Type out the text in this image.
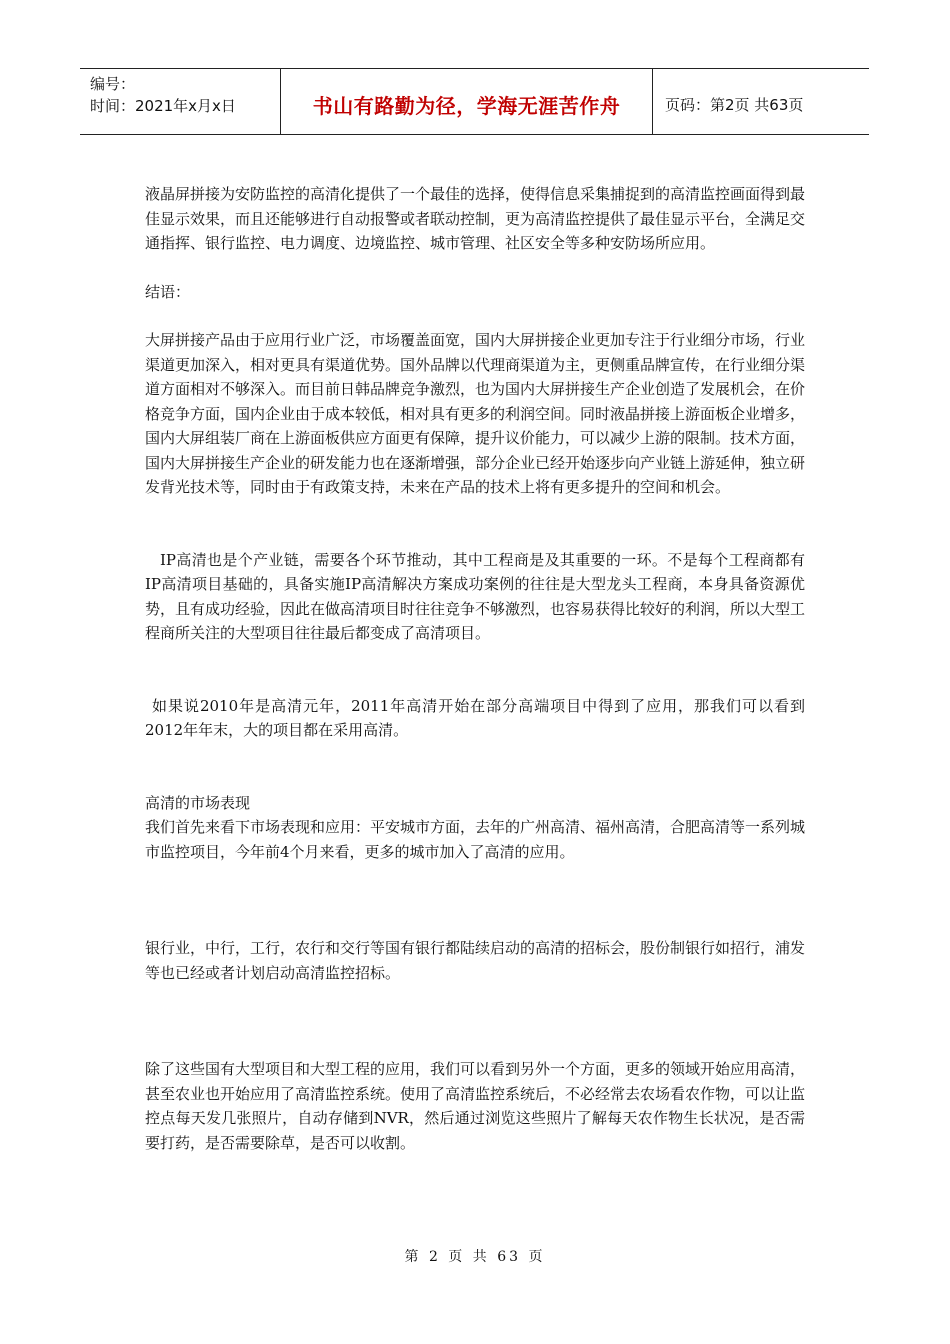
编号：
时间：2021年x月x日	书山有路勤为径，学海无涯苦作舟	页码：第2页 共63页

液晶屏拼接为安防监控的高清化提供了一个最佳的选择，使得信息采集捕捉到的高清监控画面得到最佳显示效果，而且还能够进行自动报警或者联动控制，更为高清监控提供了最佳显示平台，全满足交通指挥、银行监控、电力调度、边境监控、城市管理、社区安全等多种安防场所应用。

结语：

大屏拼接产品由于应用行业广泛，市场覆盖面宽，国内大屏拼接企业更加专注于行业细分市场，行业渠道更加深入，相对更具有渠道优势。国外品牌以代理商渠道为主，更侧重品牌宣传，在行业细分渠道方面相对不够深入。而目前日韩品牌竞争激烈，也为国内大屏拼接生产企业创造了发展机会，在价格竞争方面，国内企业由于成本较低，相对具有更多的利润空间。同时液晶拼接上游面板企业增多，国内大屏组装厂商在上游面板供应方面更有保障，提升议价能力，可以减少上游的限制。技术方面，国内大屏拼接生产企业的研发能力也在逐渐增强，部分企业已经开始逐步向产业链上游延伸，独立研发背光技术等，同时由于有政策支持，未来在产品的技术上将有更多提升的空间和机会。

IP高清也是个产业链，需要各个环节推动，其中工程商是及其重要的一环。不是每个工程商都有IP高清项目基础的，具备实施IP高清解决方案成功案例的往往是大型龙头工程商，本身具备资源优势，且有成功经验，因此在做高清项目时往往竞争不够激烈，也容易获得比较好的利润，所以大型工程商所关注的大型项目往往最后都变成了高清项目。

如果说2010年是高清元年，2011年高清开始在部分高端项目中得到了应用，那我们可以看到2012年年末，大的项目都在采用高清。

高清的市场表现

我们首先来看下市场表现和应用：平安城市方面，去年的广州高清、福州高清，合肥高清等一系列城市监控项目，今年前4个月来看，更多的城市加入了高清的应用。

银行业，中行，工行，农行和交行等国有银行都陆续启动的高清的招标会，股份制银行如招行，浦发等也已经或者计划启动高清监控招标。

除了这些国有大型项目和大型工程的应用，我们可以看到另外一个方面，更多的领域开始应用高清，甚至农业也开始应用了高清监控系统。使用了高清监控系统后，不必经常去农场看农作物，可以让监控点每天发几张照片，自动存储到NVR，然后通过浏览这些照片了解每天农作物生长状况，是否需要打药，是否需要除草，是否可以收割。

第 2 页 共 63 页
